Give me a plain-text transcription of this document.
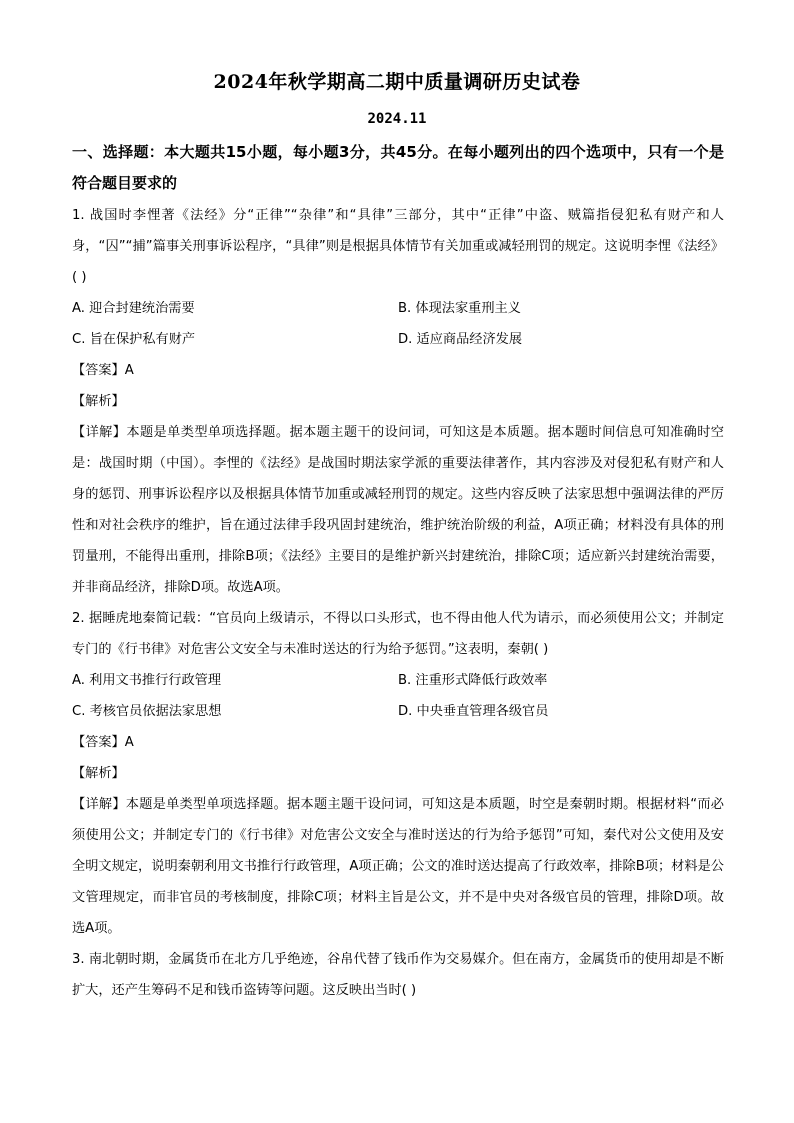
2024年秋学期高二期中质量调研历史试卷
2024.11
一、选择题：本大题共15小题，每小题3分，共45分。在每小题列出的四个选项中，只有一个是符合题目要求的

1. 战国时李悝著《法经》分“正律”“杂律”和“具律”三部分，其中“正律”中盗、贼篇指侵犯私有财产和人身，“囚”“捕”篇事关刑事诉讼程序，“具律”则是根据具体情节有关加重或减轻刑罚的规定。这说明李悝《法经》( )

A. 迎合封建统治需要	B. 体现法家重刑主义
C. 旨在保护私有财产	D. 适应商品经济发展

【答案】A

【解析】

【详解】本题是单类型单项选择题。据本题主题干的设问词，可知这是本质题。据本题时间信息可知准确时空是：战国时期（中国）。李悝的《法经》是战国时期法家学派的重要法律著作，其内容涉及对侵犯私有财产和人身的惩罚、刑事诉讼程序以及根据具体情节加重或减轻刑罚的规定。这些内容反映了法家思想中强调法律的严厉性和对社会秩序的维护，旨在通过法律手段巩固封建统治，维护统治阶级的利益，A项正确；材料没有具体的刑罚量刑，不能得出重刑，排除B项；《法经》主要目的是维护新兴封建统治，排除C项；适应新兴封建统治需要，并非商品经济，排除D项。故选A项。

2. 据睡虎地秦简记载：“官员向上级请示，不得以口头形式，也不得由他人代为请示，而必须使用公文；并制定专门的《行书律》对危害公文安全与未准时送达的行为给予惩罚。”这表明，秦朝( )

A. 利用文书推行行政管理	B. 注重形式降低行政效率
C. 考核官员依据法家思想	D. 中央垂直管理各级官员

【答案】A

【解析】

【详解】本题是单类型单项选择题。据本题主题干设问词，可知这是本质题，时空是秦朝时期。根据材料“而必须使用公文；并制定专门的《行书律》对危害公文安全与准时送达的行为给予惩罚”可知，秦代对公文使用及安全明文规定，说明秦朝利用文书推行行政管理，A项正确；公文的准时送达提高了行政效率，排除B项；材料是公文管理规定，而非官员的考核制度，排除C项；材料主旨是公文，并不是中央对各级官员的管理，排除D项。故选A项。

3. 南北朝时期，金属货币在北方几乎绝迹，谷帛代替了钱币作为交易媒介。但在南方，金属货币的使用却是不断扩大，还产生筹码不足和钱币盗铸等问题。这反映出当时( )
